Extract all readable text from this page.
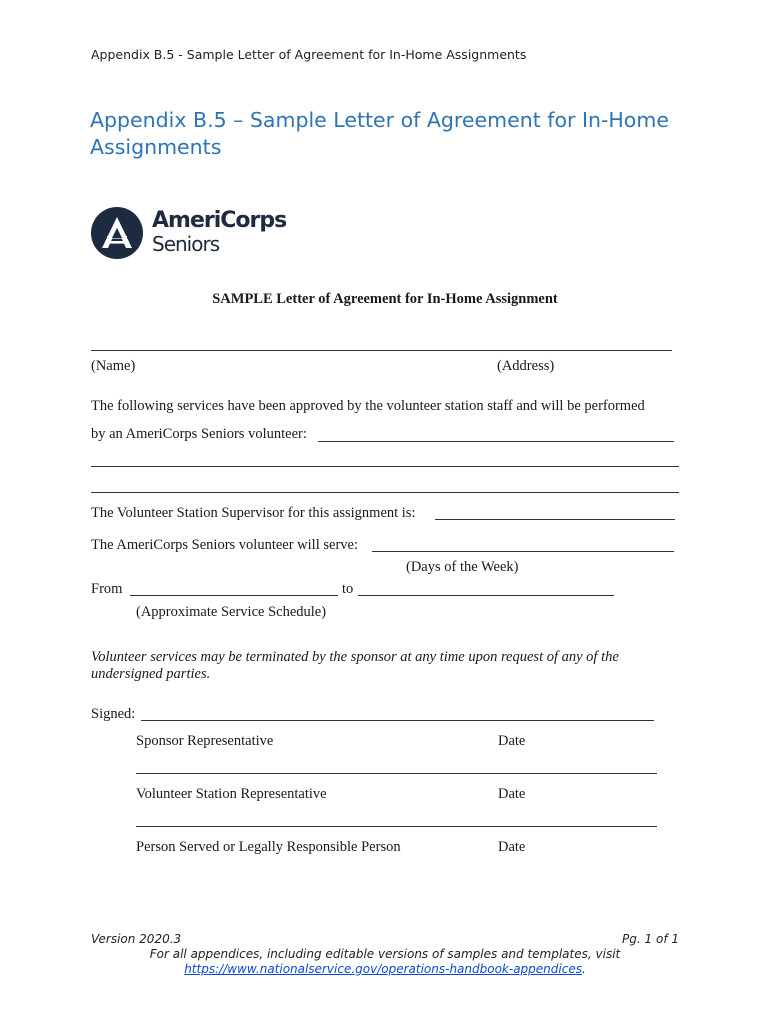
Appendix B.5 - Sample Letter of Agreement for In-Home Assignments
Appendix B.5 – Sample Letter of Agreement for In-Home Assignments
AmeriCorps
Seniors
SAMPLE Letter of Agreement for In-Home Assignment
(Name)	(Address)
The following services have been approved by the volunteer station staff and will be performed
by an AmeriCorps Seniors volunteer:
The Volunteer Station Supervisor for this assignment is:
The AmeriCorps Seniors volunteer will serve:
(Days of the Week)
From	to
(Approximate Service Schedule)
Volunteer services may be terminated by the sponsor at any time upon request of any of the
undersigned parties.
Signed:
Sponsor Representative	Date
Volunteer Station Representative	Date
Person Served or Legally Responsible Person	Date
Version 2020.3	Pg. 1 of 1
For all appendices, including editable versions of samples and templates, visit
https://www.nationalservice.gov/operations-handbook-appendices.
